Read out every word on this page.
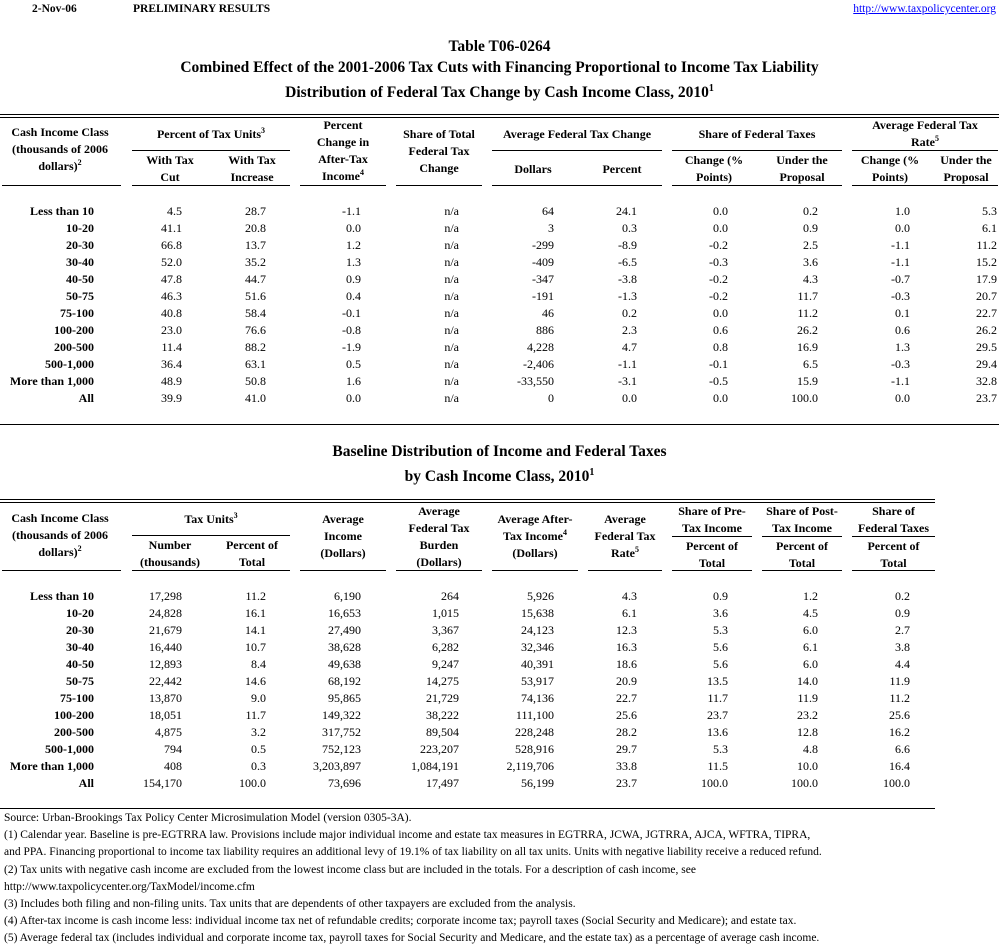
2-Nov-06	PRELIMINARY RESULTS	http://www.taxpolicycenter.org
Table T06-0264
Combined Effect of the 2001-2006 Tax Cuts with Financing Proportional to Income Tax Liability
Distribution of Federal Tax Change by Cash Income Class, 2010$^1$
Cash Income Class
(thousands of 2006
dollars)$^2$
Percent of Tax Units$^3$
With Tax
Cut
With Tax
Increase
Percent
Change in
After-Tax
Income$^4$
Share of Total
Federal Tax
Change
Average Federal Tax Change
Dollars	Percent
Share of Federal Taxes
Change (%
Points)
Under the
Proposal
Average Federal Tax
Rate$^5$
Change (%
Points)
Under the
Proposal
Less than 10	4.5	28.7	-1.1	n/a	64	24.1	0.0	0.2	1.0	5.3
10-20	41.1	20.8	0.0	n/a	3	0.3	0.0	0.9	0.0	6.1
20-30	66.8	13.7	1.2	n/a	-299	-8.9	-0.2	2.5	-1.1	11.2
30-40	52.0	35.2	1.3	n/a	-409	-6.5	-0.3	3.6	-1.1	15.2
40-50	47.8	44.7	0.9	n/a	-347	-3.8	-0.2	4.3	-0.7	17.9
50-75	46.3	51.6	0.4	n/a	-191	-1.3	-0.2	11.7	-0.3	20.7
75-100	40.8	58.4	-0.1	n/a	46	0.2	0.0	11.2	0.1	22.7
100-200	23.0	76.6	-0.8	n/a	886	2.3	0.6	26.2	0.6	26.2
200-500	11.4	88.2	-1.9	n/a	4,228	4.7	0.8	16.9	1.3	29.5
500-1,000	36.4	63.1	0.5	n/a	-2,406	-1.1	-0.1	6.5	-0.3	29.4
More than 1,000	48.9	50.8	1.6	n/a	-33,550	-3.1	-0.5	15.9	-1.1	32.8
All	39.9	41.0	0.0	n/a	0	0.0	0.0	100.0	0.0	23.7
Baseline Distribution of Income and Federal Taxes
by Cash Income Class, 2010$^1$
Cash Income Class
(thousands of 2006
dollars)$^2$
Tax Units$^3$
Number
(thousands)
Percent of
Total
Average
Income
(Dollars)
Average
Federal Tax
Burden
(Dollars)
Average After-
Tax Income$^4$
(Dollars)
Average
Federal Tax
Rate$^5$
Share of Pre-
Tax Income
Percent of
Total
Share of Post-
Tax Income
Percent of
Total
Share of
Federal Taxes
Percent of
Total
Less than 10	17,298	11.2	6,190	264	5,926	4.3	0.9	1.2	0.2
10-20	24,828	16.1	16,653	1,015	15,638	6.1	3.6	4.5	0.9
20-30	21,679	14.1	27,490	3,367	24,123	12.3	5.3	6.0	2.7
30-40	16,440	10.7	38,628	6,282	32,346	16.3	5.6	6.1	3.8
40-50	12,893	8.4	49,638	9,247	40,391	18.6	5.6	6.0	4.4
50-75	22,442	14.6	68,192	14,275	53,917	20.9	13.5	14.0	11.9
75-100	13,870	9.0	95,865	21,729	74,136	22.7	11.7	11.9	11.2
100-200	18,051	11.7	149,322	38,222	111,100	25.6	23.7	23.2	25.6
200-500	4,875	3.2	317,752	89,504	228,248	28.2	13.6	12.8	16.2
500-1,000	794	0.5	752,123	223,207	528,916	29.7	5.3	4.8	6.6
More than 1,000	408	0.3	3,203,897	1,084,191	2,119,706	33.8	11.5	10.0	16.4
All	154,170	100.0	73,696	17,497	56,199	23.7	100.0	100.0	100.0
Source: Urban-Brookings Tax Policy Center Microsimulation Model (version 0305-3A).
(1) Calendar year. Baseline is pre-EGTRRA law. Provisions include major individual income and estate tax measures in EGTRRA, JCWA, JGTRRA, AJCA, WFTRA, TIPRA,
and PPA. Financing proportional to income tax liability requires an additional levy of 19.1% of tax liability on all tax units. Units with negative liability receive a reduced refund.
(2) Tax units with negative cash income are excluded from the lowest income class but are included in the totals. For a description of cash income, see
http://www.taxpolicycenter.org/TaxModel/income.cfm
(3) Includes both filing and non-filing units. Tax units that are dependents of other taxpayers are excluded from the analysis.
(4) After-tax income is cash income less: individual income tax net of refundable credits; corporate income tax; payroll taxes (Social Security and Medicare); and estate tax.
(5) Average federal tax (includes individual and corporate income tax, payroll taxes for Social Security and Medicare, and the estate tax) as a percentage of average cash income.
